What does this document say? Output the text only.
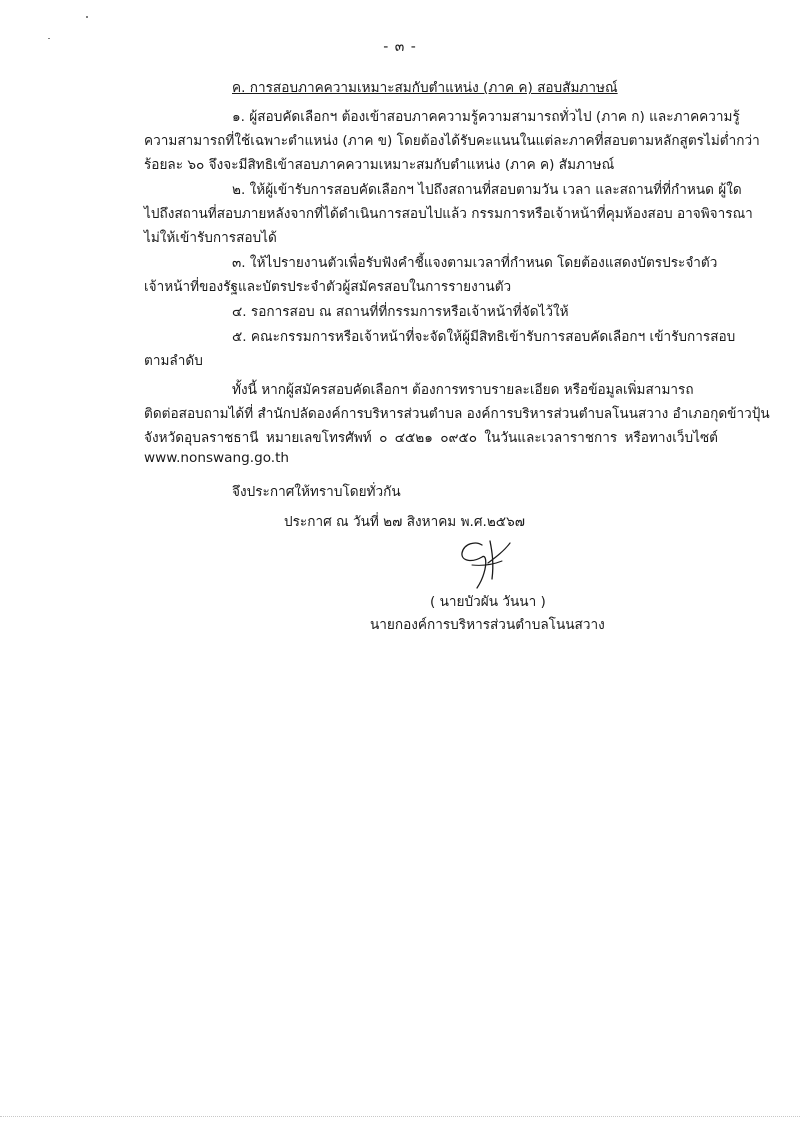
- ๓ -
ค. การสอบภาคความเหมาะสมกับตำแหน่ง (ภาค ค) สอบสัมภาษณ์
๑. ผู้สอบคัดเลือกฯ ต้องเข้าสอบภาคความรู้ความสามารถทั่วไป (ภาค ก) และภาคความรู้
ความสามารถที่ใช้เฉพาะตำแหน่ง (ภาค ข) โดยต้องได้รับคะแนนในแต่ละภาคที่สอบตามหลักสูตรไม่ต่ำกว่า
ร้อยละ ๖๐ จึงจะมีสิทธิเข้าสอบภาคความเหมาะสมกับตำแหน่ง (ภาค ค) สัมภาษณ์
๒. ให้ผู้เข้ารับการสอบคัดเลือกฯ ไปถึงสถานที่สอบตามวัน เวลา และสถานที่ที่กำหนด ผู้ใด
ไปถึงสถานที่สอบภายหลังจากที่ได้ดำเนินการสอบไปแล้ว กรรมการหรือเจ้าหน้าที่คุมห้องสอบ อาจพิจารณา
ไม่ให้เข้ารับการสอบได้
๓. ให้ไปรายงานตัวเพื่อรับฟังคำชี้แจงตามเวลาที่กำหนด โดยต้องแสดงบัตรประจำตัว
เจ้าหน้าที่ของรัฐและบัตรประจำตัวผู้สมัครสอบในการรายงานตัว
๔. รอการสอบ ณ สถานที่ที่กรรมการหรือเจ้าหน้าที่จัดไว้ให้
๕. คณะกรรมการหรือเจ้าหน้าที่จะจัดให้ผู้มีสิทธิเข้ารับการสอบคัดเลือกฯ เข้ารับการสอบ
ตามลำดับ
ทั้งนี้ หากผู้สมัครสอบคัดเลือกฯ ต้องการทราบรายละเอียด หรือข้อมูลเพิ่มสามารถ
ติดต่อสอบถามได้ที่ สำนักปลัดองค์การบริหารส่วนตำบล องค์การบริหารส่วนตำบลโนนสวาง อำเภอกุดข้าวปุ้น
จังหวัดอุบลราชธานี หมายเลขโทรศัพท์ ๐ ๔๕๒๑ ๐๙๕๐ ในวันและเวลาราชการ หรือทางเว็บไซต์
www.nonswang.go.th
จึงประกาศให้ทราบโดยทั่วกัน
ประกาศ ณ วันที่ ๒๗ สิงหาคม พ.ศ.๒๕๖๗
( นายบัวผัน วันนา )
นายกองค์การบริหารส่วนตำบลโนนสวาง
